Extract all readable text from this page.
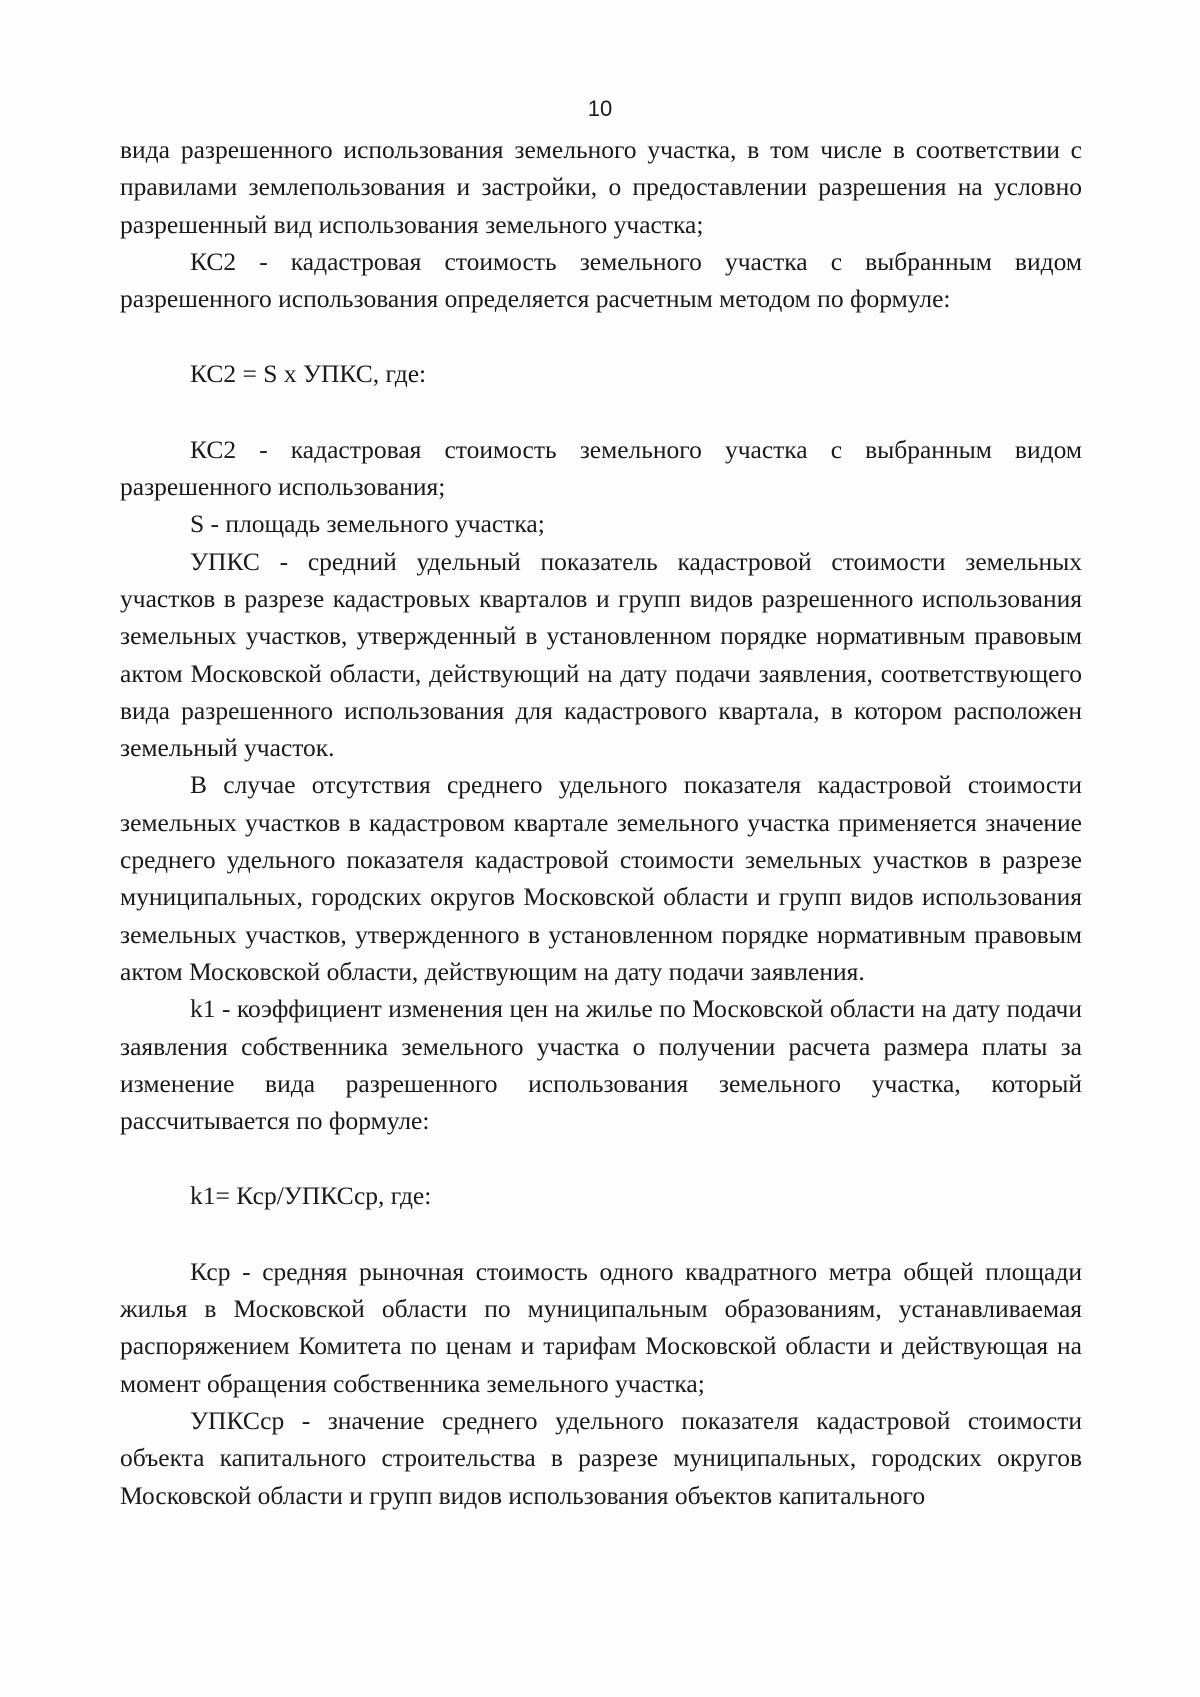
10

вида разрешенного использования земельного участка, в том числе в соответствии с правилами землепользования и застройки, о предоставлении разрешения на условно разрешенный вид использования земельного участка;

КС2 - кадастровая стоимость земельного участка с выбранным видом разрешенного использования определяется расчетным методом по формуле:

КС2 = S x УПКС, где:

КС2 - кадастровая стоимость земельного участка с выбранным видом разрешенного использования;

S - площадь земельного участка;

УПКС - средний удельный показатель кадастровой стоимости земельных участков в разрезе кадастровых кварталов и групп видов разрешенного использования земельных участков, утвержденный в установленном порядке нормативным правовым актом Московской области, действующий на дату подачи заявления, соответствующего вида разрешенного использования для кадастрового квартала, в котором расположен земельный участок.

В случае отсутствия среднего удельного показателя кадастровой стоимости земельных участков в кадастровом квартале земельного участка применяется значение среднего удельного показателя кадастровой стоимости земельных участков в разрезе муниципальных, городских округов Московской области и групп видов использования земельных участков, утвержденного в установленном порядке нормативным правовым актом Московской области, действующим на дату подачи заявления.

k1 - коэффициент изменения цен на жилье по Московской области на дату подачи заявления собственника земельного участка о получении расчета размера платы за изменение вида разрешенного использования земельного участка, который рассчитывается по формуле:

k1= Кср/УПКСср, где:

Кср - средняя рыночная стоимость одного квадратного метра общей площади жилья в Московской области по муниципальным образованиям, устанавливаемая распоряжением Комитета по ценам и тарифам Московской области и действующая на момент обращения собственника земельного участка;

УПКСср - значение среднего удельного показателя кадастровой стоимости объекта капитального строительства в разрезе муниципальных, городских округов Московской области и групп видов использования объектов капитального
